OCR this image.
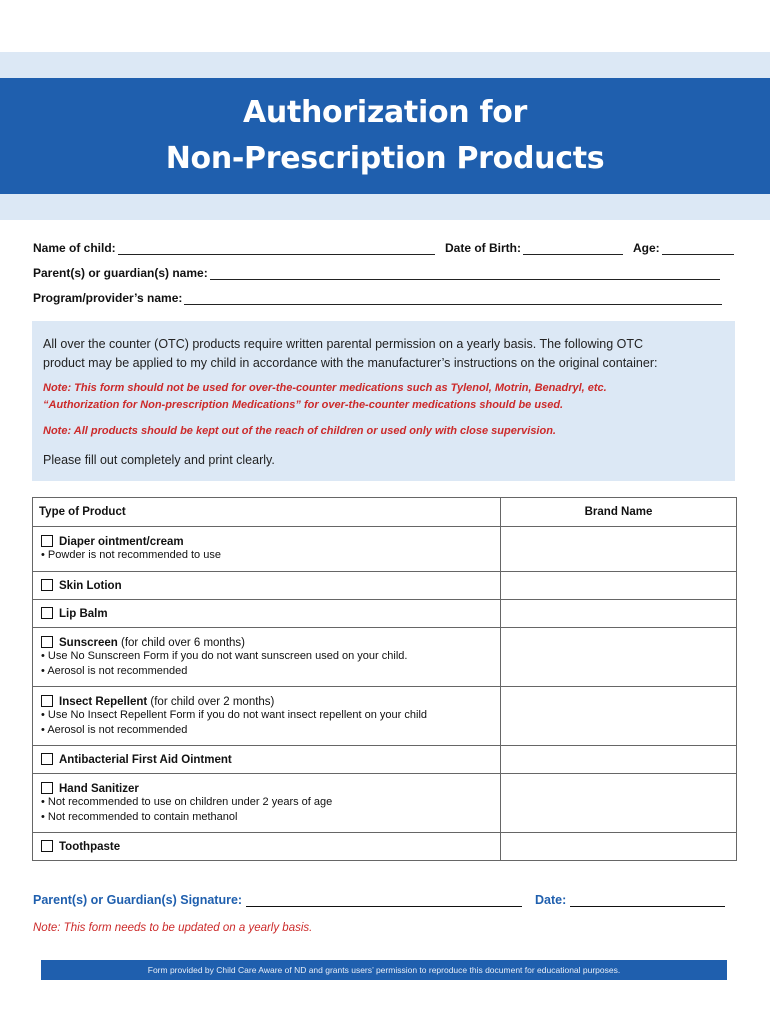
Authorization for
Non-Prescription Products
Name of child:	Date of Birth:	Age:
Parent(s) or guardian(s) name:
Program/provider’s name:
All over the counter (OTC) products require written parental permission on a yearly basis. The following OTC
product may be applied to my child in accordance with the manufacturer’s instructions on the original container:
Note: This form should not be used for over-the-counter medications such as Tylenol, Motrin, Benadryl, etc.
“Authorization for Non-prescription Medications” for over-the-counter medications should be used.
Note: All products should be kept out of the reach of children or used only with close supervision.
Please fill out completely and print clearly.
Type of Product	Brand Name

Diaper ointment/cream
• Powder is not recommended to use	

Skin Lotion	

Lip Balm	

Sunscreen (for child over 6 months)
• Use No Sunscreen Form if you do not want sunscreen used on your child.
• Aerosol is not recommended	

Insect Repellent (for child over 2 months)
• Use No Insect Repellent Form if you do not want insect repellent on your child
• Aerosol is not recommended	

Antibacterial First Aid Ointment	

Hand Sanitizer
• Not recommended to use on children under 2 years of age
• Not recommended to contain methanol	

Toothpaste	

Parent(s) or Guardian(s) Signature:	Date:
Note: This form needs to be updated on a yearly basis.
Form provided by Child Care Aware of ND and grants users’ permission to reproduce this document for educational purposes.
